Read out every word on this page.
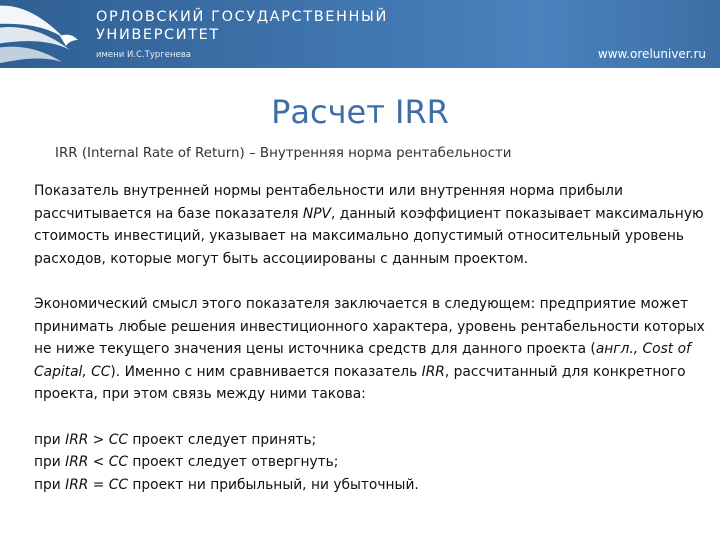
ОРЛОВСКИЙ ГОСУДАРСТВЕННЫЙ
УНИВЕРСИТЕТ
имени И.С.Тургенева	www.oreluniver.ru
Расчет IRR
IRR (Internal Rate of Return) – Внутренняя норма рентабельности

Показатель внутренней нормы рентабельности или внутренняя норма прибыли рассчитывается на базе показателя NPV, данный коэффициент показывает максимальную стоимость инвестиций, указывает на максимально допустимый относительный уровень расходов, которые могут быть ассоциированы с данным проектом.

Экономический смысл этого показателя заключается в следующем: предприятие может принимать любые решения инвестиционного характера, уровень рентабельности которых не ниже текущего значения цены источника средств для данного проекта (англ., Cost of Capital, CC). Именно с ним сравнивается показатель IRR, рассчитанный для конкретного проекта, при этом связь между ними такова:

при IRR > CC проект следует принять;

при IRR < CC проект следует отвергнуть;

при IRR = CC проект ни прибыльный, ни убыточный.
